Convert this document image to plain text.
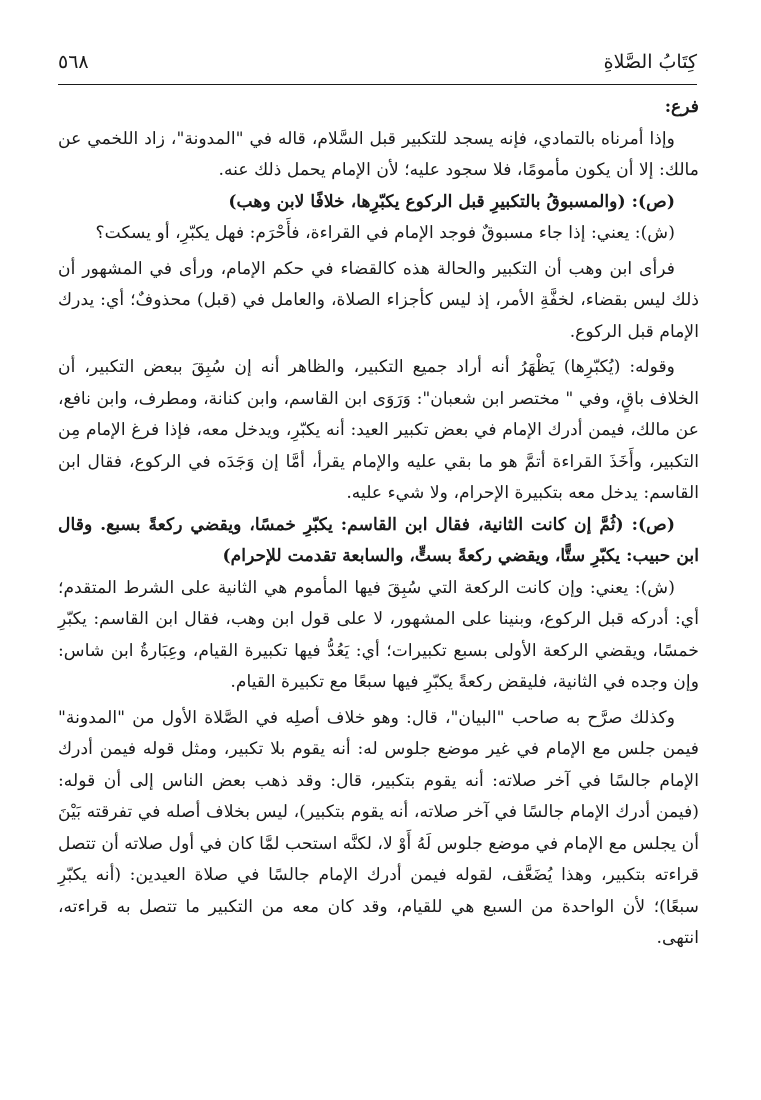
كِتَابُ الصَّلاةِ
٥٦٨

فرع:

وإذا أمرناه بالتمادي، فإنه يسجد للتكبير قبل السَّلام، قاله في "المدونة"، زاد اللخمي عن مالك: إلا أن يكون مأمومًا، فلا سجود عليه؛ لأن الإمام يحمل ذلك عنه.

(ص): (والمسبوقُ بالتكبيرِ قبل الركوع يكبّرِها، خلافًا لابن وهب)

(ش): يعني: إذا جاء مسبوقٌ فوجد الإمام في القراءة، فأَحْرَم: فهل يكبّرِ، أو يسكت؟

فرأى ابن وهب أن التكبير والحالة هذه كالقضاء في حكم الإمام، ورأى في المشهور أن ذلك ليس بقضاء، لخفَّةِ الأمر، إذ ليس كأجزاء الصلاة، والعامل في (قبل) محذوفٌ؛ أي: يدرك الإمام قبل الركوع.

وقوله: (يُكبّرِها) يَظْهَرُ أنه أراد جميع التكبير، والظاهر أنه إن سُبِقَ ببعض التكبير، أن الخلاف باقٍ، وفي " مختصر ابن شعبان": وَرَوَى ابن القاسم، وابن كنانة، ومطرف، وابن نافع، عن مالك، فيمن أدرك الإمام في بعض تكبير العيد: أنه يكبّرِ، ويدخل معه، فإذا فرغ الإمام مِن التكبير، وأَخَذَ القراءة أتمَّ هو ما بقي عليه والإمام يقرأ، أمَّا إن وَجَدَه في الركوع، فقال ابن القاسم: يدخل معه بتكبيرة الإحرام، ولا شيء عليه.

(ص): (ثُمَّ إن كانت الثانية، فقال ابن القاسم: يكبّرِ خمسًا، ويقضي ركعةً بسبع. وقال ابن حبيب: يكبّرِ ستًّا، ويقضي ركعةً بستٍّ، والسابعة تقدمت للإحرام)

(ش): يعني: وإن كانت الركعة التي سُبِقَ فيها المأموم هي الثانية على الشرط المتقدم؛ أي: أدركه قبل الركوع، وبنينا على المشهور، لا على قول ابن وهب، فقال ابن القاسم: يكبّرِ خمسًا، ويقضي الركعة الأولى بسبع تكبيرات؛ أي: يَعُدُّ فيها تكبيرة القيام، وعِبَارةُ ابن شاس: وإن وجده في الثانية، فليقض ركعةً يكبّرِ فيها سبعًا مع تكبيرة القيام.

وكذلك صرَّح به صاحب "البيان"، قال: وهو خلاف أصلِه في الصَّلاة الأول من "المدونة" فيمن جلس مع الإمام في غير موضع جلوس له: أنه يقوم بلا تكبير، ومثل قوله فيمن أدرك الإمام جالسًا في آخر صلاته: أنه يقوم بتكبير، قال: وقد ذهب بعض الناس إلى أن قوله: (فيمن أدرك الإمام جالسًا في آخر صلاته، أنه يقوم بتكبير)، ليس بخلاف أصله في تفرقته بَيْنَ أن يجلس مع الإمام في موضع جلوس لَهُ أَوْ لا، لكنَّه استحب لمَّا كان في أول صلاته أن تتصل قراءته بتكبير، وهذا يُضَعَّف، لقوله فيمن أدرك الإمام جالسًا في صلاة العيدين: (أنه يكبّرِ سبعًا)؛ لأن الواحدة من السبع هي للقيام، وقد كان معه من التكبير ما تتصل به قراءته، انتهى.
